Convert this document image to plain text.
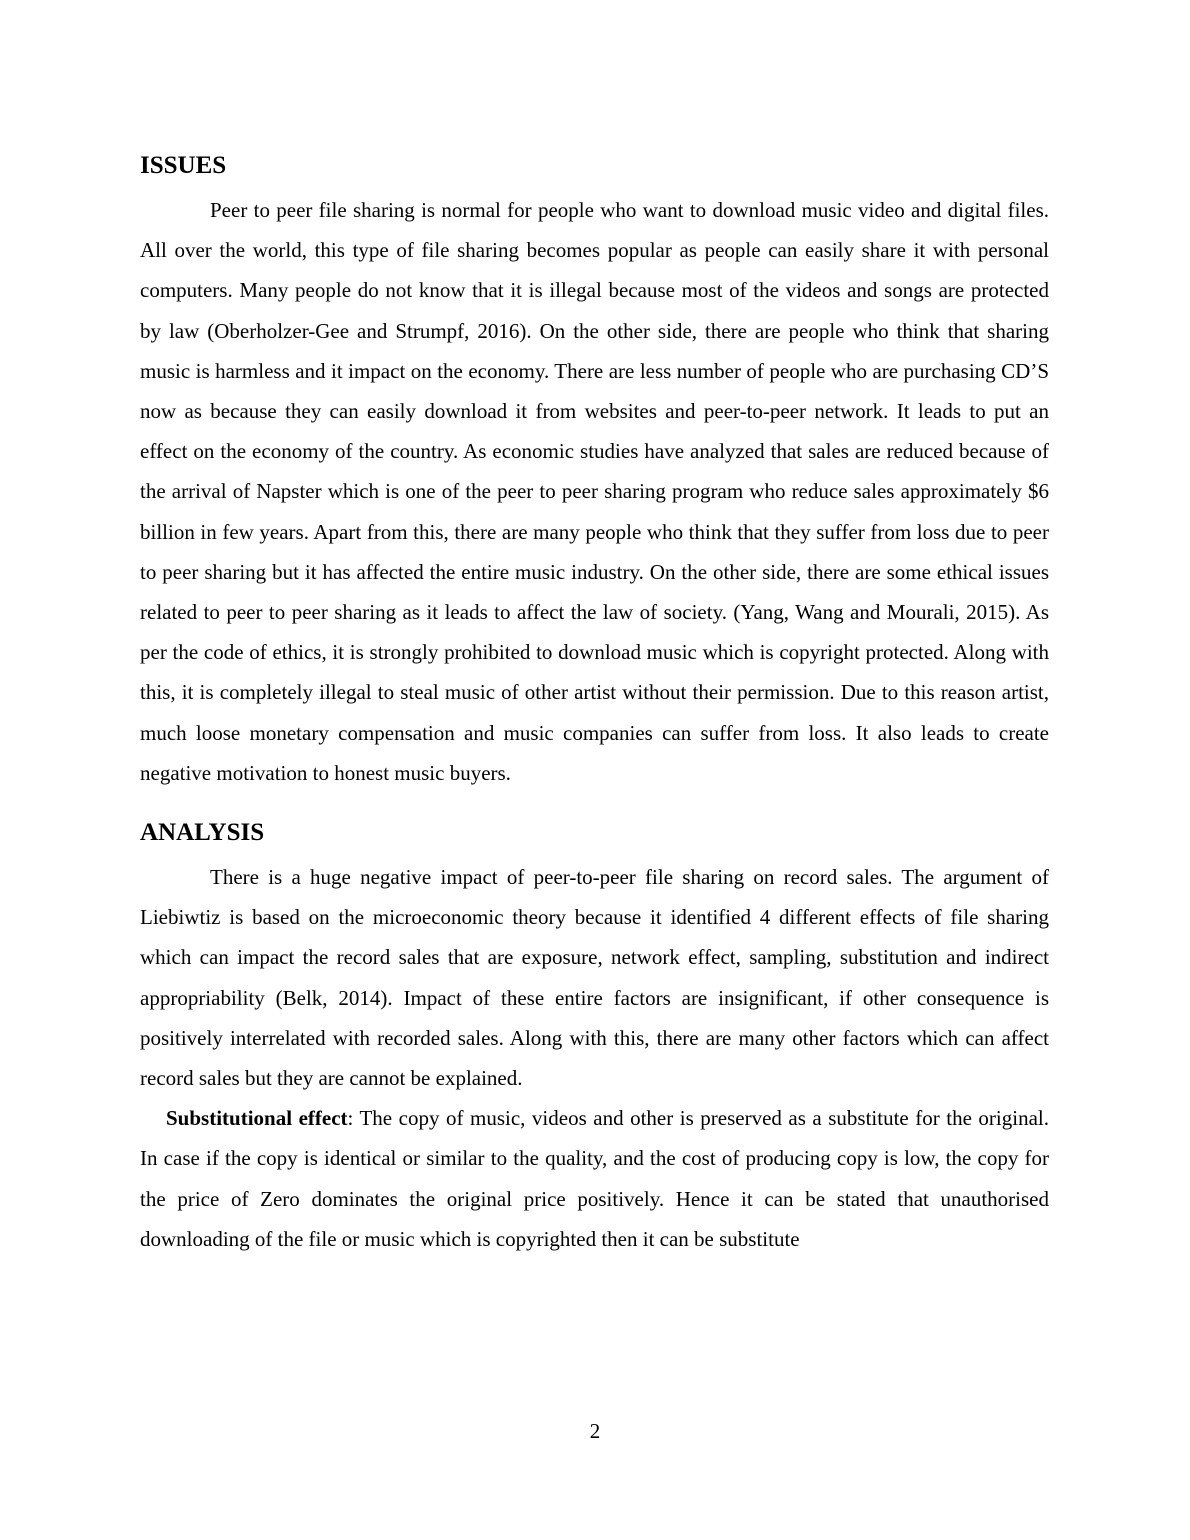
ISSUES

Peer to peer file sharing is normal for people who want to download music video and digital files. All over the world, this type of file sharing becomes popular as people can easily share it with personal computers. Many people do not know that it is illegal because most of the videos and songs are protected by law (Oberholzer-Gee and Strumpf, 2016). On the other side, there are people who think that sharing music is harmless and it impact on the economy. There are less number of people who are purchasing CD’S now as because they can easily download it from websites and peer-to-peer network. It leads to put an effect on the economy of the country. As economic studies have analyzed that sales are reduced because of the arrival of Napster which is one of the peer to peer sharing program who reduce sales approximately $6 billion in few years. Apart from this, there are many people who think that they suffer from loss due to peer to peer sharing but it has affected the entire music industry. On the other side, there are some ethical issues related to peer to peer sharing as it leads to affect the law of society. (Yang, Wang and Mourali, 2015). As per the code of ethics, it is strongly prohibited to download music which is copyright protected. Along with this, it is completely illegal to steal music of other artist without their permission. Due to this reason artist, much loose monetary compensation and music companies can suffer from loss. It also leads to create negative motivation to honest music buyers.

ANALYSIS

There is a huge negative impact of peer-to-peer file sharing on record sales. The argument of Liebiwtiz is based on the microeconomic theory because it identified 4 different effects of file sharing which can impact the record sales that are exposure, network effect, sampling, substitution and indirect appropriability (Belk, 2014). Impact of these entire factors are insignificant, if other consequence is positively interrelated with recorded sales. Along with this, there are many other factors which can affect record sales but they are cannot be explained.

Substitutional effect: The copy of music, videos and other is preserved as a substitute for the original. In case if the copy is identical or similar to the quality, and the cost of producing copy is low, the copy for the price of Zero dominates the original price positively. Hence it can be stated that unauthorised downloading of the file or music which is copyrighted then it can be substitute

2
